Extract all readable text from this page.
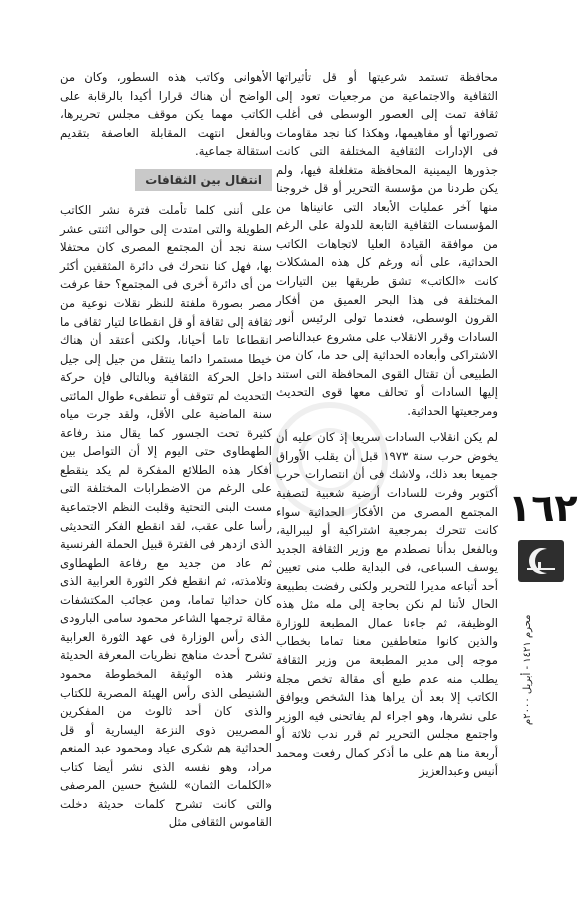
محافظة تستمد شرعيتها أو قل تأثيراتها الثقافية والاجتماعية من مرجعيات تعود إلى ثقافة تمت إلى العصور الوسطى فى أغلب تصوراتها أو مفاهيمها، وهكذا كنا نجد مقاومات فى الإدارات الثقافية المختلفة التى كانت جذورها اليمينية المحافظة متغلغلة فيها، ولم يكن طردنا من مؤسسة التحرير أو قل خروجنا منها آخر عمليات الأبعاد التى عانيناها من المؤسسات الثقافية التابعة للدولة على الرغم من موافقة القيادة العليا لاتجاهات الكاتب الحداثية، على أنه ورغم كل هذه المشكلات كانت «الكاتب» تشق طريقها بين التيارات المختلفة فى هذا البحر العميق من أفكار القرون الوسطى، فعندما تولى الرئيس أنور السادات وقرر الانقلاب على مشروع عبدالناصر الاشتراكى وأبعاده الحداثية إلى حد ما، كان من الطبيعى أن تقتال القوى المحافظة التى استند إليها السادات أو تحالف معها قوى التحديث ومرجعيتها الحداثية.

لم يكن انقلاب السادات سريعا إذ كان عليه أن يخوض حرب سنة ١٩٧٣ قبل أن يقلب الأوراق جميعا بعد ذلك، ولاشك فى أن انتصارات حرب أكتوبر وفرت للسادات أرضية شعبية لتصفية المجتمع المصرى من الأفكار الحداثية سواء كانت تتحرك بمرجعية اشتراكية أو ليبرالية، وبالفعل بدأنا نصطدم مع وزير الثقافة الجديد يوسف السباعى، فى البداية طلب منى تعيين أحد أتباعه مديرا للتحرير ولكنى رفضت بطبيعة الحال لأننا لم نكن بحاجة إلى مله مثل هذه الوظيفة، ثم جاءنا عمال المطبعة للوزارة والذين كانوا متعاطفين معنا تماما بخطاب موجه إلى مدير المطبعة من وزير الثقافة يطلب منه عدم طبع أى مقالة تخص مجلة الكاتب إلا بعد أن يراها هذا الشخص ويوافق على نشرها، وهو اجراء لم يفاتحنى فيه الوزير واجتمع مجلس التحرير ثم قرر ندب ثلاثة أو أربعة منا هم على ما أذكر كمال رفعت ومحمد أنيس وعبدالعزيز

الأهوانى وكاتب هذه السطور، وكان من الواضح أن هناك قرارا أكيدا بالرقابة على الكاتب مهما يكن موقف مجلس تحريرها، وبالفعل انتهت المقابلة العاصفة بتقديم استقالة جماعية.

انتقال بين الثقافات

على أننى كلما تأملت فترة نشر الكاتب الطويلة والتى امتدت إلى حوالى اثنتى عشر سنة نجد أن المجتمع المصرى كان محتفلا بها، فهل كنا نتحرك فى دائرة المثقفين أكثر من أى دائرة أخرى فى المجتمع؟ حقا عرفت مصر بصورة ملفتة للنظر نقلات نوعية من ثقافة إلى ثقافة أو قل انقطاعا لتيار ثقافى ما انقطاعا تاما أحيانا، ولكنى أعتقد أن هناك خيطا مستمرا دائما ينتقل من جيل إلى جيل داخل الحركة الثقافية وبالتالى فإن حركة التحديث لم تتوقف أو تنطفىء طوال المائتى سنة الماضية على الأقل، ولقد جرت مياه كثيرة تحت الجسور كما يقال منذ رفاعة الطهطاوى حتى اليوم إلا أن التواصل بين أفكار هذه الطلائع المفكرة لم يكد ينقطع على الرغم من الاضطرابات المختلفة التى مست البنى التحتية وقلبت النظم الاجتماعية رأسا على عقب، لقد انقطع الفكر التحديثى الذى ازدهر فى الفترة قبيل الحملة الفرنسية ثم عاد من جديد مع رفاعة الطهطاوى وتلامذته، ثم انقطع فكر الثورة العرابية الذى كان حداثيا تماما، ومن عجائب المكتشفات مقالة ترجمها الشاعر محمود سامى البارودى الذى رأس الوزارة فى عهد الثورة العرابية تشرح أحدث مناهج نظريات المعرفة الحديثة ونشر هذه الوثيقة المخطوطة محمود الشنيطى الذى رأس الهيئة المصرية للكتاب والذى كان أحد ثالوث من المفكرين المصريين ذوى النزعة اليسارية أو قل الحداثية هم شكرى عياد ومحمود عبد المنعم مراد، وهو نفسه الذى نشر أيضا كتاب «الكلمات الثمان» للشيخ حسين المرصفى والتى كانت تشرح كلمات حديثة دخلت القاموس الثقافى مثل

١٦٢
محرم ١٤٢١ - أبريل ٢٠٠٠م
